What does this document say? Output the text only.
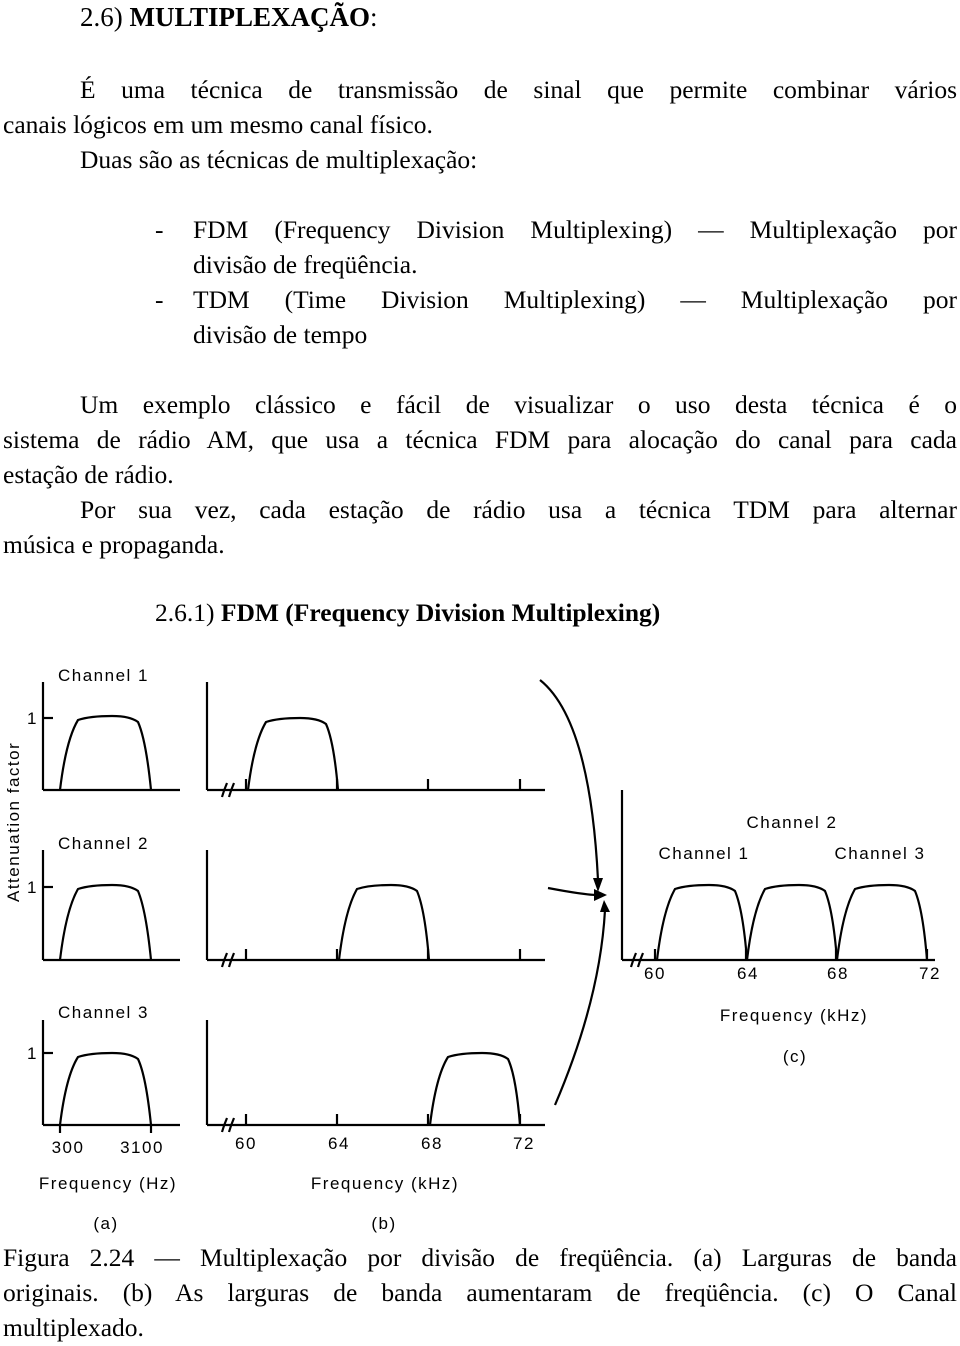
2.6) MULTIPLEXAÇÃO:
É uma técnica de transmissão de sinal que permite combinar vários
canais lógicos em um mesmo canal físico.
Duas são as técnicas de multiplexação:
- FDM (Frequency Division Multiplexing) — Multiplexação por
divisão de freqüência.
- TDM (Time Division Multiplexing) — Multiplexação por
divisão de tempo
Um exemplo clássico e fácil de visualizar o uso desta técnica é o
sistema de rádio AM, que usa a técnica FDM para alocação do canal para cada
estação de rádio.
Por sua vez, cada estação de rádio usa a técnica TDM para alternar
música e propaganda.
2.6.1) FDM (Frequency Division Multiplexing)
Attenuation factor
1
1
1
Channel 1
Channel 2
Channel 3
300 3100
Frequency (Hz)
(a)
60	64	68	72
Frequency (kHz)
(b)
Channel 2
Channel 1	Channel 3
60	64	68	72
Frequency (kHz)
(c)
Figura 2.24 — Multiplexação por divisão de freqüência. (a) Larguras de banda
originais. (b) As larguras de banda aumentaram de freqüência. (c) O Canal
multiplexado.
